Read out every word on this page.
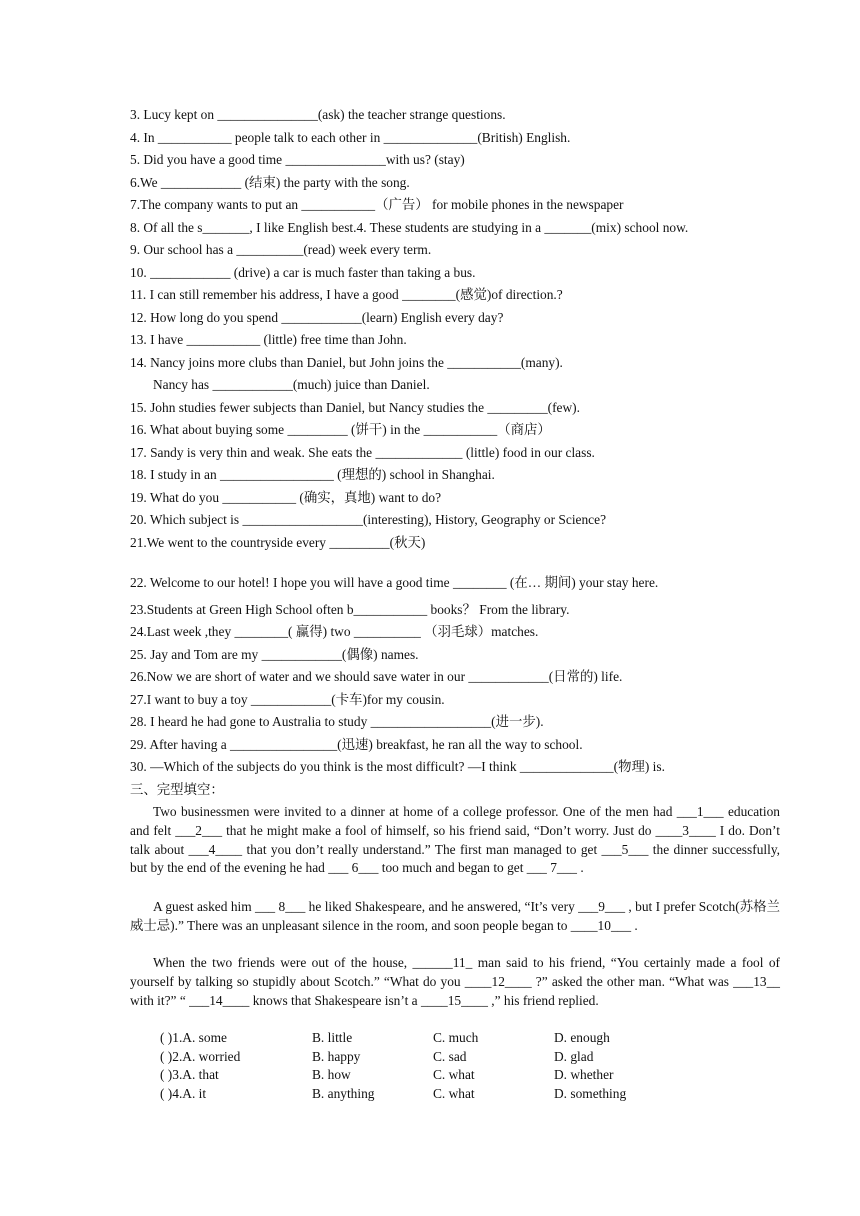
3. Lucy kept on _______________(ask) the teacher strange questions.
4. In ___________ people talk to each other in ______________(British) English.
5. Did you have a good time _______________with us? (stay)
6.We ____________ (结束) the party with the song.
7.The company wants to put an ___________（广告） for mobile phones in the newspaper
8. Of all the s_______, I like English best.4. These students are studying in a _______(mix) school now.
9. Our school has a __________(read) week every term.
10. ____________ (drive) a car is much faster than taking a bus.
11. I can still remember his address, I have a good ________(感觉)of direction.?
12. How long do you spend ____________(learn) English every day?
13. I have ___________ (little) free time than John.
14. Nancy joins more clubs than Daniel, but John joins the ___________(many).
Nancy has ____________(much) juice than Daniel.
15. John studies fewer subjects than Daniel, but Nancy studies the _________(few).
16. What about buying some _________ (饼干) in the ___________（商店）
17. Sandy is very thin and weak. She eats the _____________ (little) food in our class.
18. I study in an _________________ (理想的) school in Shanghai.
19. What do you ___________ (确实，真地) want to do?
20. Which subject is __________________(interesting), History, Geography or Science?
21.We went to the countryside every _________(秋天)
22. Welcome to our hotel! I hope you will have a good time ________ (在… 期间) your stay here.
23.Students at Green High School often b___________ books？ From the library.
24.Last week ,they ________( 赢得) two __________ （羽毛球）matches.
25. Jay and Tom are my ____________(偶像) names.
26.Now we are short of water and we should save water in our ____________(日常的) life.
27.I want to buy a toy ____________(卡车)for my cousin.
28. I heard he had gone to Australia to study __________________(进一步).
29. After having a ________________(迅速) breakfast, he ran all the way to school.
30. —Which of the subjects do you think is the most difficult? —I think ______________(物理) is.
三、完型填空：
Two businessmen were invited to a dinner at home of a college professor. One of the men had ___1___ education and felt ___2___ that he might make a fool of himself, so his friend said, “Don’t worry. Just do ____3____ I do. Don’t talk about ___4____ that you don’t really understand.” The first man managed to get ___5___ the dinner successfully, but by the end of the evening he had ___ 6___ too much and began to get ___ 7___ .
A guest asked him ___ 8___ he liked Shakespeare, and he answered, “It’s very ___9___ , but I prefer Scotch(苏格兰威士忌).” There was an unpleasant silence in the room, and soon people began to ____10___ .
When the two friends were out of the house, ______11_ man said to his friend, “You certainly made a fool of yourself by talking so stupidly about Scotch.” “What do you ____12____ ?” asked the other man. “What was ___13__ with it?” “ ___14____ knows that Shakespeare isn’t a ____15____ ,” his friend replied.
( )1.A. some	B. little	C. much	D. enough
( )2.A. worried	B. happy	C. sad	D. glad
( )3.A. that	B. how	C. what	D. whether
( )4.A. it	B. anything	C. what	D. something
